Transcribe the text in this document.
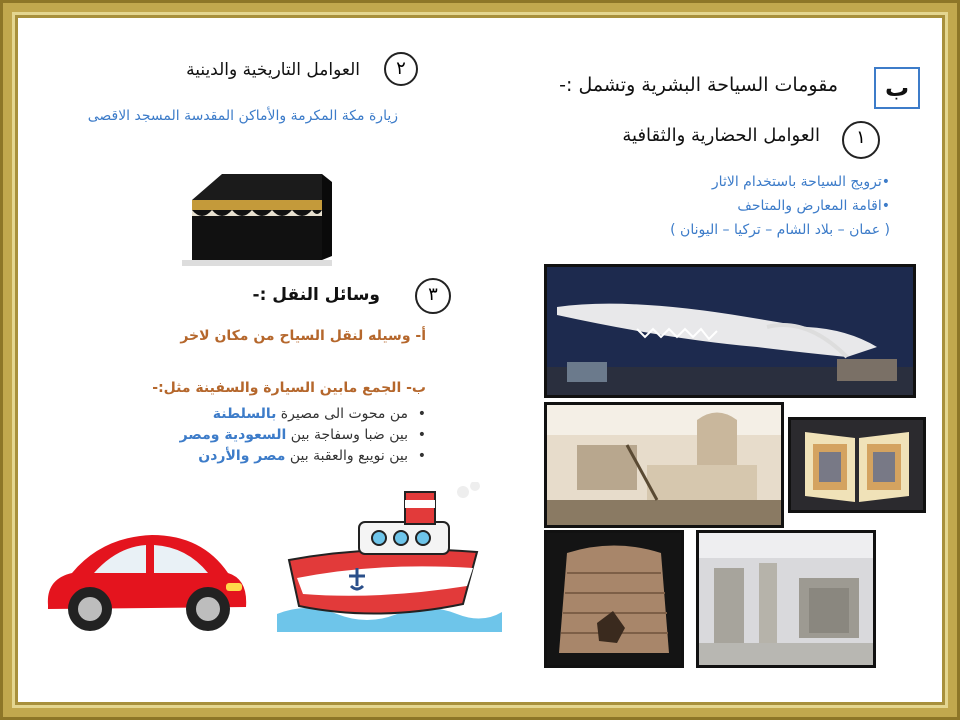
ب
مقومات السياحة البشرية وتشمل :-
١
العوامل الحضارية والثقافية
•ترويج السياحة باستخدام الاثار
•اقامة المعارض والمتاحف
( عمان – بلاد الشام – تركيا – اليونان )
٢
العوامل التاريخية والدينية
زيارة مكة المكرمة والأماكن المقدسة المسجد الاقصى
٣
وسائل النقل :-
أ- وسيله لنقل السياح من مكان لاخر
ب- الجمع مابين السيارة والسفينة مثل:-
• من محوت الى مصيرة بالسلطنة
• بين ضبا وسفاجة بين السعودية ومصر
• بين نويبع والعقبة بين مصر والأردن
